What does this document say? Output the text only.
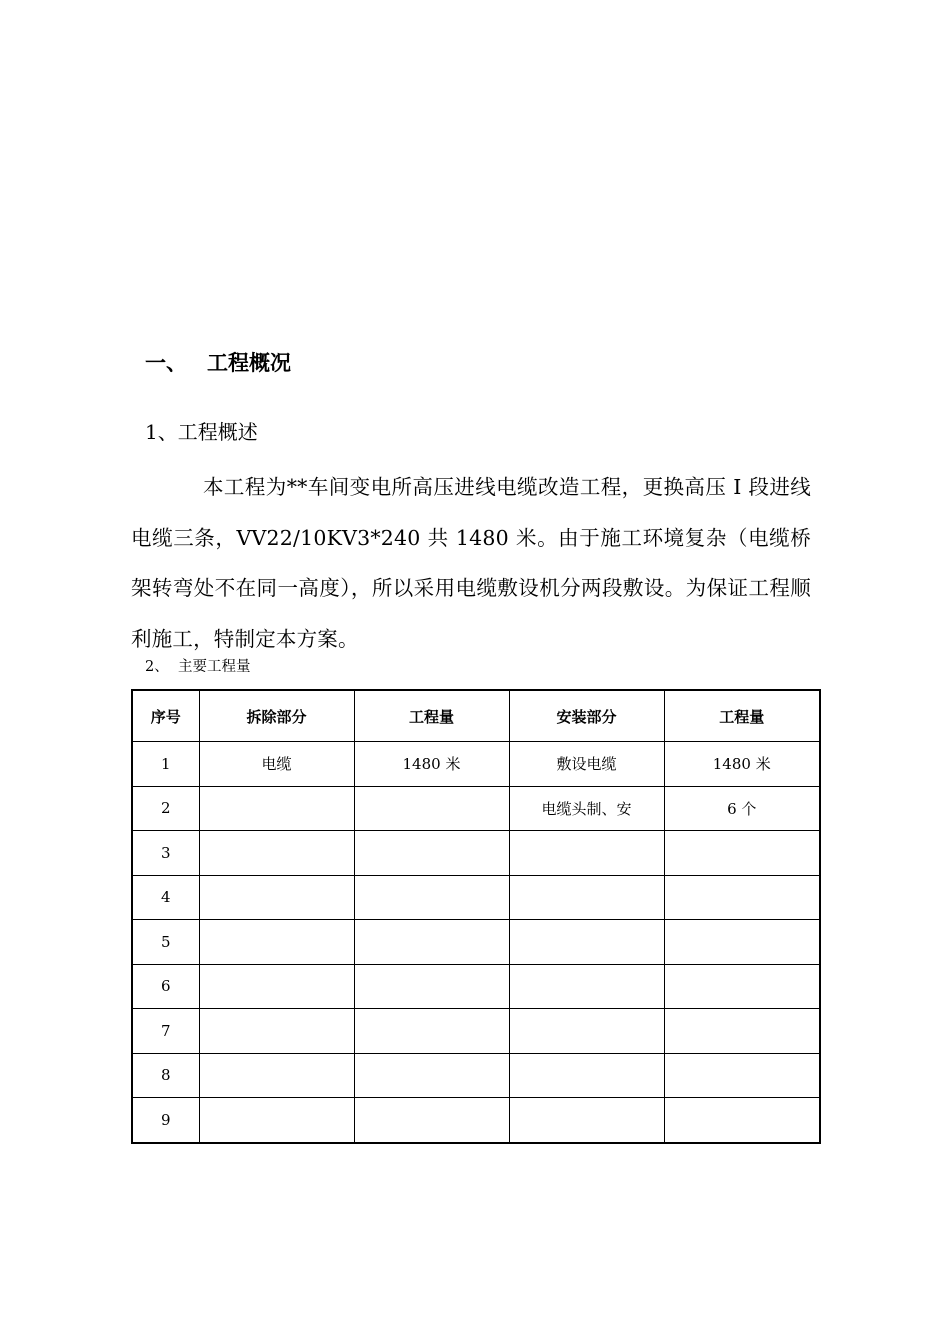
一、 工程概况
1、工程概述
本工程为**车间变电所高压进线电缆改造工程，更换高压 I 段进线电缆三条，VV22/10KV3*240 共 1480 米。由于施工环境复杂（电缆桥架转弯处不在同一高度），所以采用电缆敷设机分两段敷设。为保证工程顺利施工，特制定本方案。
2、 主要工程量
序号	拆除部分	工程量	安装部分	工程量
1	电缆	1480 米	敷设电缆	1480 米
2			电缆头制、安	6 个
3				
4				
5				
6				
7				
8				
9				
